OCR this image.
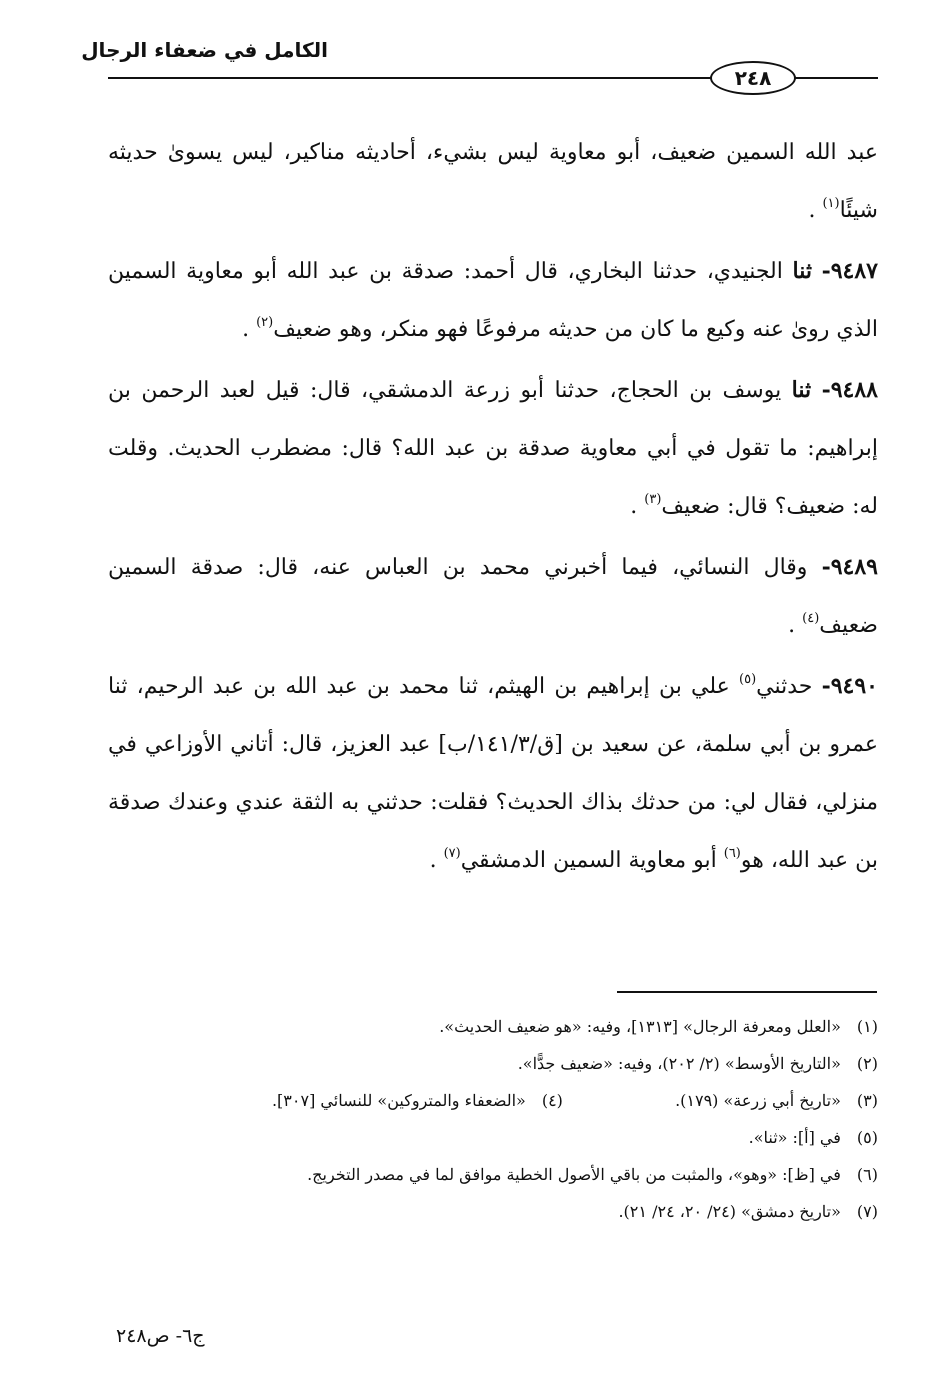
الكامل في ضعفاء الرجال
٢٤٨

عبد الله السمين ضعيف، أبو معاوية ليس بشيء، أحاديثه مناكير، ليس يسوىٰ حديثه شيئًا$^{(١)}$ .

٩٤٨٧- ثنا الجنيدي، حدثنا البخاري، قال أحمد: صدقة بن عبد الله أبو معاوية السمين الذي روىٰ عنه وكيع ما كان من حديثه مرفوعًا فهو منكر، وهو ضعيف$^{(٢)}$ .

٩٤٨٨- ثنا يوسف بن الحجاج، حدثنا أبو زرعة الدمشقي، قال: قيل لعبد الرحمن بن إبراهيم: ما تقول في أبي معاوية صدقة بن عبد الله؟ قال: مضطرب الحديث. وقلت له: ضعيف؟ قال: ضعيف$^{(٣)}$ .

٩٤٨٩- وقال النسائي، فيما أخبرني محمد بن العباس عنه، قال: صدقة السمين ضعيف$^{(٤)}$ .

٩٤٩٠- حدثني$^{(٥)}$ علي بن إبراهيم بن الهيثم، ثنا محمد بن عبد الله بن عبد الرحيم، ثنا عمرو بن أبي سلمة، عن سعيد بن [ق/١٤١/٣/ب] عبد العزيز، قال: أتاني الأوزاعي في منزلي، فقال لي: من حدثك بذاك الحديث؟ فقلت: حدثني به الثقة عندي وعندك صدقة بن عبد الله، هو$^{(٦)}$ أبو معاوية السمين الدمشقي$^{(٧)}$ .

(١) «العلل ومعرفة الرجال» [١٣١٣]، وفيه: «هو ضعيف الحديث».
(٢) «التاريخ الأوسط» (٢/ ٢٠٢)، وفيه: «ضعيف جدًّا».
(٣) «تاريخ أبي زرعة» (١٧٩). (٤) «الضعفاء والمتروكين» للنسائي [٣٠٧].
(٥) في [أ]: «ثنا».
(٦) في [ظ]: «وهو»، والمثبت من باقي الأصول الخطية موافق لما في مصدر التخريج.
(٧) «تاريخ دمشق» (٢٤/ ٢٠، ٢٤/ ٢١).
ج٦- ص٢٤٨
